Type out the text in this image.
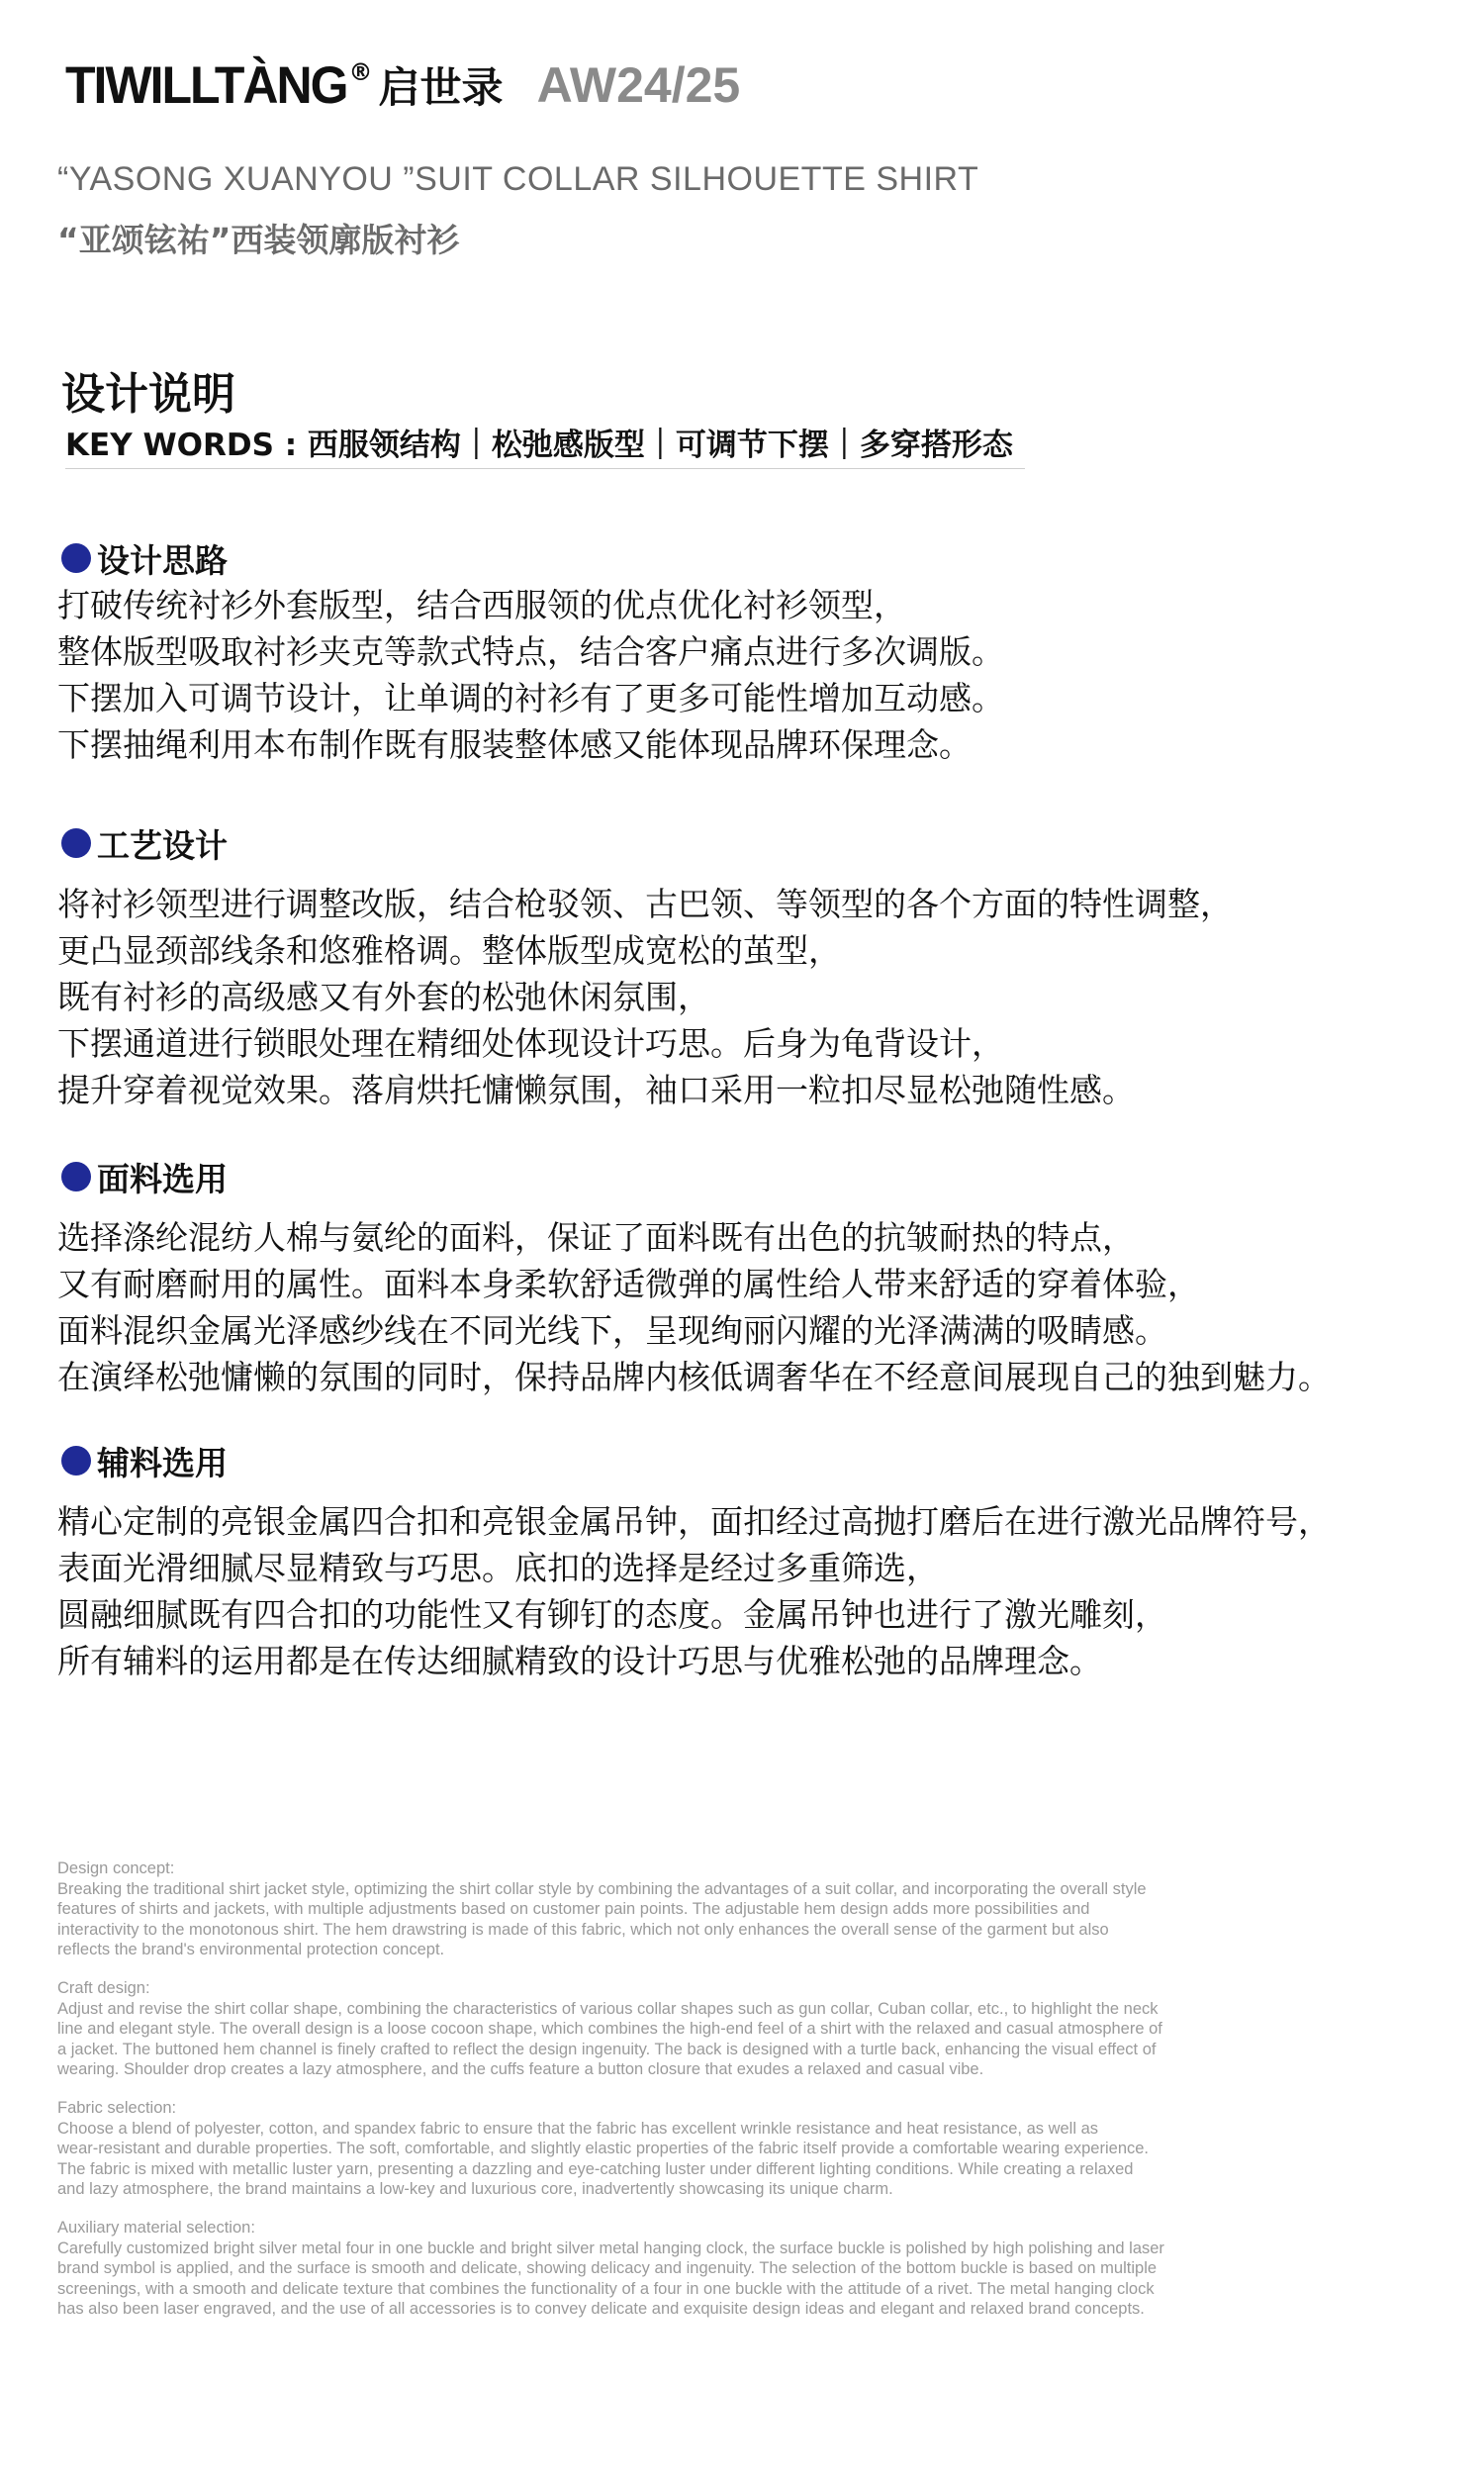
TIWILLTÀNG ® 启世录 AW24/25
“YASONG XUANYOU ”SUIT COLLAR SILHOUETTE SHIRT
“亚颂铉祐”西装领廓版衬衫
设计说明
KEY WORDS : 西服领结构｜松弛感版型｜可调节下摆｜多穿搭形态
设计思路
打破传统衬衫外套版型，结合西服领的优点优化衬衫领型，
整体版型吸取衬衫夹克等款式特点，结合客户痛点进行多次调版。
下摆加入可调节设计，让单调的衬衫有了更多可能性增加互动感。
下摆抽绳利用本布制作既有服装整体感又能体现品牌环保理念。
工艺设计
将衬衫领型进行调整改版，结合枪驳领、古巴领、等领型的各个方面的特性调整，
更凸显颈部线条和悠雅格调。整体版型成宽松的茧型，
既有衬衫的高级感又有外套的松弛休闲氛围，
下摆通道进行锁眼处理在精细处体现设计巧思。后身为龟背设计，
提升穿着视觉效果。落肩烘托慵懒氛围，袖口采用一粒扣尽显松弛随性感。
面料选用
选择涤纶混纺人棉与氨纶的面料，保证了面料既有出色的抗皱耐热的特点，
又有耐磨耐用的属性。面料本身柔软舒适微弹的属性给人带来舒适的穿着体验，
面料混织金属光泽感纱线在不同光线下，呈现绚丽闪耀的光泽满满的吸睛感。
在演绎松弛慵懒的氛围的同时，保持品牌内核低调奢华在不经意间展现自己的独到魅力。
辅料选用
精心定制的亮银金属四合扣和亮银金属吊钟，面扣经过高抛打磨后在进行激光品牌符号，
表面光滑细腻尽显精致与巧思。底扣的选择是经过多重筛选，
圆融细腻既有四合扣的功能性又有铆钉的态度。金属吊钟也进行了激光雕刻，
所有辅料的运用都是在传达细腻精致的设计巧思与优雅松弛的品牌理念。
Design concept:
Breaking the traditional shirt jacket style, optimizing the shirt collar style by combining the advantages of a suit collar, and incorporating the overall style
features of shirts and jackets, with multiple adjustments based on customer pain points. The adjustable hem design adds more possibilities and
interactivity to the monotonous shirt. The hem drawstring is made of this fabric, which not only enhances the overall sense of the garment but also
reflects the brand's environmental protection concept.
Craft design:
Adjust and revise the shirt collar shape, combining the characteristics of various collar shapes such as gun collar, Cuban collar, etc., to highlight the neck
line and elegant style. The overall design is a loose cocoon shape, which combines the high-end feel of a shirt with the relaxed and casual atmosphere of
a jacket. The buttoned hem channel is finely crafted to reflect the design ingenuity. The back is designed with a turtle back, enhancing the visual effect of
wearing. Shoulder drop creates a lazy atmosphere, and the cuffs feature a button closure that exudes a relaxed and casual vibe.
Fabric selection:
Choose a blend of polyester, cotton, and spandex fabric to ensure that the fabric has excellent wrinkle resistance and heat resistance, as well as
wear-resistant and durable properties. The soft, comfortable, and slightly elastic properties of the fabric itself provide a comfortable wearing experience.
The fabric is mixed with metallic luster yarn, presenting a dazzling and eye-catching luster under different lighting conditions. While creating a relaxed
and lazy atmosphere, the brand maintains a low-key and luxurious core, inadvertently showcasing its unique charm.
Auxiliary material selection:
Carefully customized bright silver metal four in one buckle and bright silver metal hanging clock, the surface buckle is polished by high polishing and laser
brand symbol is applied, and the surface is smooth and delicate, showing delicacy and ingenuity. The selection of the bottom buckle is based on multiple
screenings, with a smooth and delicate texture that combines the functionality of a four in one buckle with the attitude of a rivet. The metal hanging clock
has also been laser engraved, and the use of all accessories is to convey delicate and exquisite design ideas and elegant and relaxed brand concepts.
